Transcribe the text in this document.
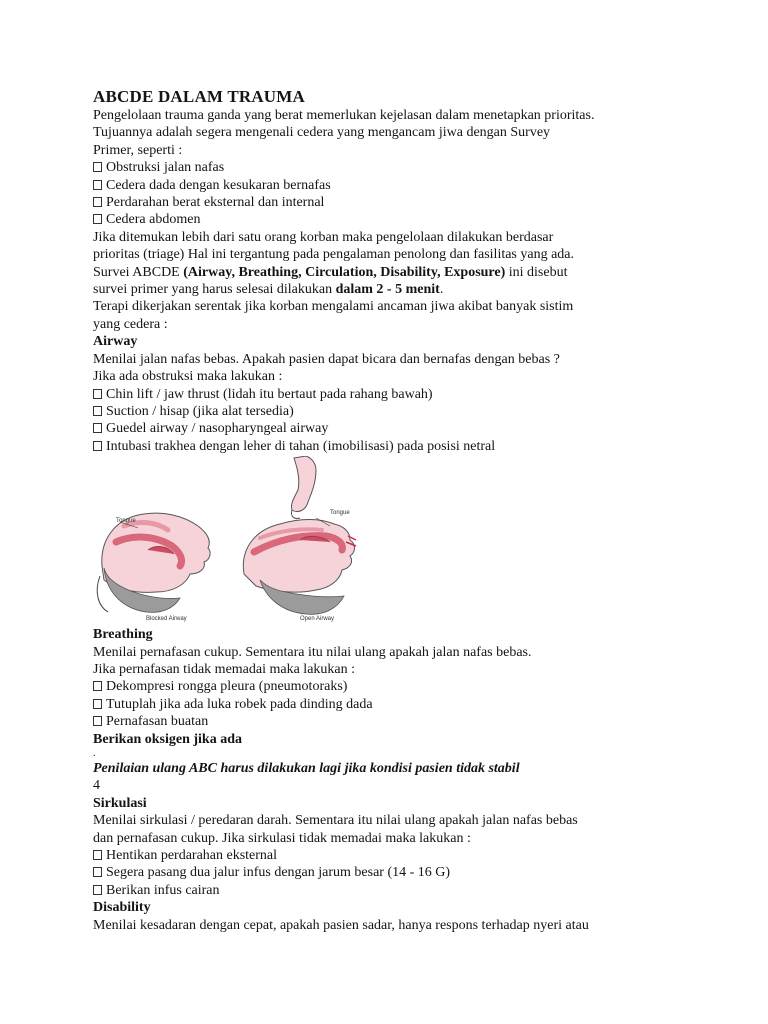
ABCDE DALAM TRAUMA

Pengelolaan trauma ganda yang berat memerlukan kejelasan dalam menetapkan prioritas.

Tujuannya adalah segera mengenali cedera yang mengancam jiwa dengan Survey

Primer, seperti :

Obstruksi jalan nafas

Cedera dada dengan kesukaran bernafas

Perdarahan berat eksternal dan internal

Cedera abdomen

Jika ditemukan lebih dari satu orang korban maka pengelolaan dilakukan berdasar

prioritas (triage) Hal ini tergantung pada pengalaman penolong dan fasilitas yang ada.

Survei ABCDE (Airway, Breathing, Circulation, Disability, Exposure) ini disebut

survei primer yang harus selesai dilakukan dalam 2 - 5 menit.

Terapi dikerjakan serentak jika korban mengalami ancaman jiwa akibat banyak sistim

yang cedera :

Airway

Menilai jalan nafas bebas. Apakah pasien dapat bicara dan bernafas dengan bebas ?

Jika ada obstruksi maka lakukan :

Chin lift / jaw thrust (lidah itu bertaut pada rahang bawah)

Suction / hisap (jika alat tersedia)

Guedel airway / nasopharyngeal airway

Intubasi trakhea dengan leher di tahan (imobilisasi) pada posisi netral

Tongue
Blocked Airway
Tongue
Open Airway

Breathing

Menilai pernafasan cukup. Sementara itu nilai ulang apakah jalan nafas bebas.

Jika pernafasan tidak memadai maka lakukan :

Dekompresi rongga pleura (pneumotoraks)

Tutuplah jika ada luka robek pada dinding dada

Pernafasan buatan

Berikan oksigen jika ada

.

Penilaian ulang ABC harus dilakukan lagi jika kondisi pasien tidak stabil

4

Sirkulasi

Menilai sirkulasi / peredaran darah. Sementara itu nilai ulang apakah jalan nafas bebas

dan pernafasan cukup. Jika sirkulasi tidak memadai maka lakukan :

Hentikan perdarahan eksternal

Segera pasang dua jalur infus dengan jarum besar (14 - 16 G)

Berikan infus cairan

Disability

Menilai kesadaran dengan cepat, apakah pasien sadar, hanya respons terhadap nyeri atau
